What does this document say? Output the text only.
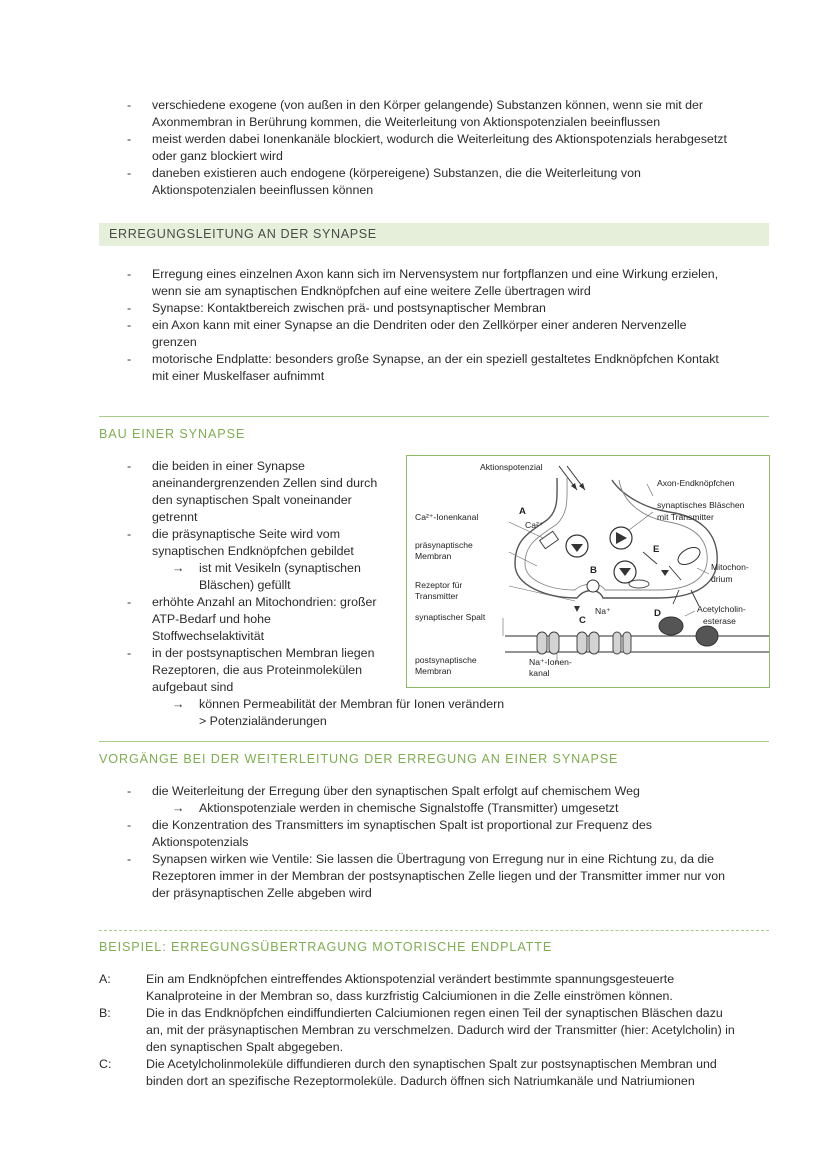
-	verschiedene exogene (von außen in den Körper gelangende) Substanzen können, wenn sie mit der Axonmembran in Berührung kommen, die Weiterleitung von Aktionspotenzialen beeinflussen
-	meist werden dabei Ionenkanäle blockiert, wodurch die Weiterleitung des Aktionspotenzials herabgesetzt oder ganz blockiert wird
-	daneben existieren auch endogene (körpereigene) Substanzen, die die Weiterleitung von Aktionspotenzialen beeinflussen können
ERREGUNGSLEITUNG AN DER SYNAPSE
-	Erregung eines einzelnen Axon kann sich im Nervensystem nur fortpflanzen und eine Wirkung erzielen, wenn sie am synaptischen Endknöpfchen auf eine weitere Zelle übertragen wird
-	Synapse: Kontaktbereich zwischen prä- und postsynaptischer Membran
-	ein Axon kann mit einer Synapse an die Dendriten oder den Zellkörper einer anderen Nervenzelle grenzen
-	motorische Endplatte: besonders große Synapse, an der ein speziell gestaltetes Endknöpfchen Kontakt mit einer Muskelfaser aufnimmt
BAU EINER SYNAPSE
-	die beiden in einer Synapse aneinandergrenzenden Zellen sind durch den synaptischen Spalt voneinander getrennt
-	die präsynaptische Seite wird vom synaptischen Endknöpfchen gebildet
→ ist mit Vesikeln (synaptischen Bläschen) gefüllt
-	erhöhte Anzahl an Mitochondrien: großer ATP-Bedarf und hohe Stoffwechselaktivität
-	in der postsynaptischen Membran liegen Rezeptoren, die aus Proteinmolekülen aufgebaut sind
→ können Permeabilität der Membran für Ionen verändern > Potenzialänderungen
Aktionspotenzial
Axon-Endknöpfchen
synaptisches Bläschen
mit Transmitter
Ca²⁺-Ionenkanal	A
Ca²⁺
präsynaptische
Membran
E
Mitochon-
drium
B
Rezeptor für
Transmitter
Na⁺
C
synaptischer Spalt	D	Acetylcholin-
esterase
postsynaptische
Membran
Na⁺-Ionen-
kanal
VORGÄNGE BEI DER WEITERLEITUNG DER ERREGUNG AN EINER SYNAPSE
-	die Weiterleitung der Erregung über den synaptischen Spalt erfolgt auf chemischem Weg
→ Aktionspotenziale werden in chemische Signalstoffe (Transmitter) umgesetzt
-	die Konzentration des Transmitters im synaptischen Spalt ist proportional zur Frequenz des Aktionspotenzials
-	Synapsen wirken wie Ventile: Sie lassen die Übertragung von Erregung nur in eine Richtung zu, da die Rezeptoren immer in der Membran der postsynaptischen Zelle liegen und der Transmitter immer nur von der präsynaptischen Zelle abgeben wird
BEISPIEL: ERREGUNGSÜBERTRAGUNG MOTORISCHE ENDPLATTE
A:	Ein am Endknöpfchen eintreffendes Aktionspotenzial verändert bestimmte spannungsgesteuerte Kanalproteine in der Membran so, dass kurzfristig Calciumionen in die Zelle einströmen können.
B:	Die in das Endknöpfchen eindiffundierten Calciumionen regen einen Teil der synaptischen Bläschen dazu an, mit der präsynaptischen Membran zu verschmelzen. Dadurch wird der Transmitter (hier: Acetylcholin) in den synaptischen Spalt abgegeben.
C:	Die Acetylcholinmoleküle diffundieren durch den synaptischen Spalt zur postsynaptischen Membran und binden dort an spezifische Rezeptormoleküle. Dadurch öffnen sich Natriumkanäle und Natriumionen
